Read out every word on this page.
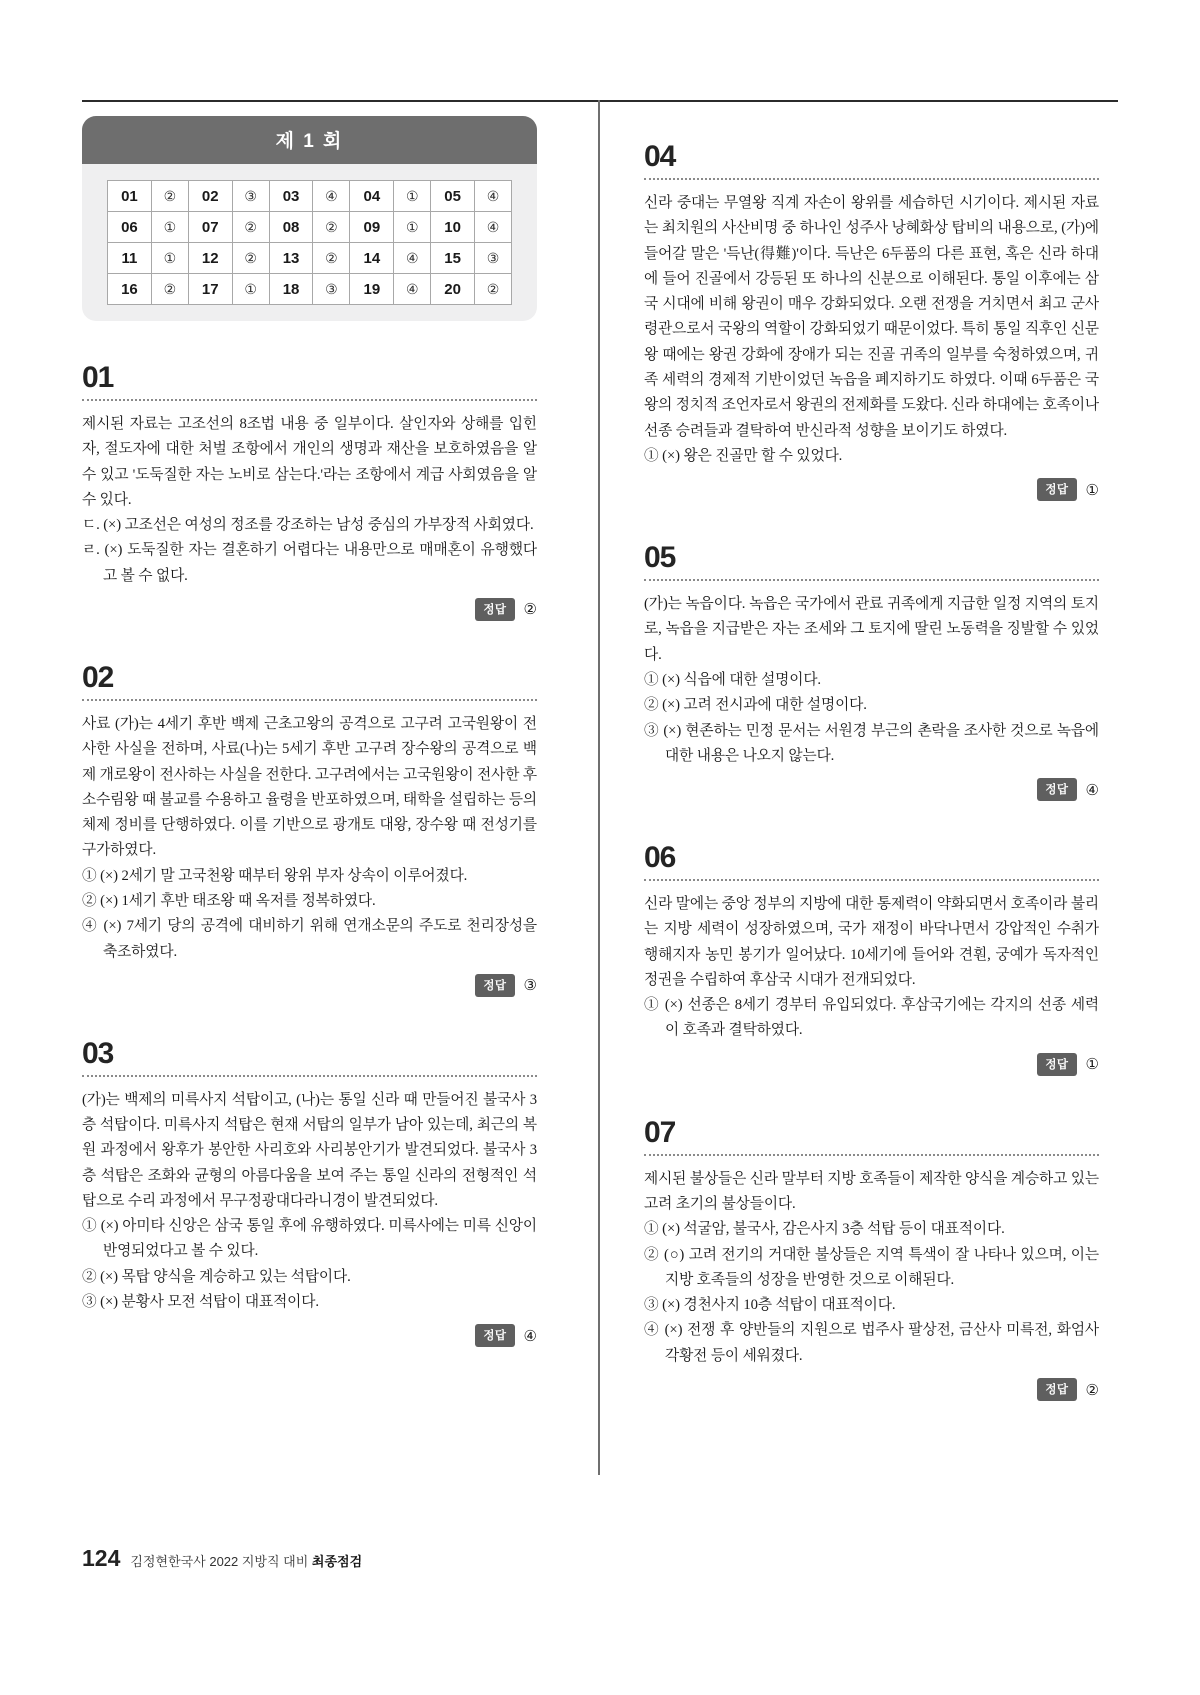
제 1 회
01	②	02	③	03	④	04	①	05	④
06	①	07	②	08	②	09	①	10	④
11	①	12	②	13	②	14	④	15	③
16	②	17	①	18	③	19	④	20	②
01
제시된 자료는 고조선의 8조법 내용 중 일부이다. 살인자와 상해를 입힌 자, 절도자에 대한 처벌 조항에서 개인의 생명과 재산을 보호하였음을 알 수 있고 '도둑질한 자는 노비로 삼는다.'라는 조항에서 계급 사회였음을 알 수 있다.
ㄷ. (×) 고조선은 여성의 정조를 강조하는 남성 중심의 가부장적 사회였다.
ㄹ. (×) 도둑질한 자는 결혼하기 어렵다는 내용만으로 매매혼이 유행했다고 볼 수 없다.
정답 ②
02
사료 (가)는 4세기 후반 백제 근초고왕의 공격으로 고구려 고국원왕이 전사한 사실을 전하며, 사료(나)는 5세기 후반 고구려 장수왕의 공격으로 백제 개로왕이 전사하는 사실을 전한다. 고구려에서는 고국원왕이 전사한 후 소수림왕 때 불교를 수용하고 율령을 반포하였으며, 태학을 설립하는 등의 체제 정비를 단행하였다. 이를 기반으로 광개토 대왕, 장수왕 때 전성기를 구가하였다.
① (×) 2세기 말 고국천왕 때부터 왕위 부자 상속이 이루어졌다.
② (×) 1세기 후반 태조왕 때 옥저를 정복하였다.
④ (×) 7세기 당의 공격에 대비하기 위해 연개소문의 주도로 천리장성을 축조하였다.
정답 ③
03
(가)는 백제의 미륵사지 석탑이고, (나)는 통일 신라 때 만들어진 불국사 3층 석탑이다. 미륵사지 석탑은 현재 서탑의 일부가 남아 있는데, 최근의 복원 과정에서 왕후가 봉안한 사리호와 사리봉안기가 발견되었다. 불국사 3층 석탑은 조화와 균형의 아름다움을 보여 주는 통일 신라의 전형적인 석탑으로 수리 과정에서 무구정광대다라니경이 발견되었다.
① (×) 아미타 신앙은 삼국 통일 후에 유행하였다. 미륵사에는 미륵 신앙이 반영되었다고 볼 수 있다.
② (×) 목탑 양식을 계승하고 있는 석탑이다.
③ (×) 분황사 모전 석탑이 대표적이다.
정답 ④
04
신라 중대는 무열왕 직계 자손이 왕위를 세습하던 시기이다. 제시된 자료는 최치원의 사산비명 중 하나인 성주사 낭혜화상 탑비의 내용으로, (가)에 들어갈 말은 '득난(得難)'이다. 득난은 6두품의 다른 표현, 혹은 신라 하대에 들어 진골에서 강등된 또 하나의 신분으로 이해된다. 통일 이후에는 삼국 시대에 비해 왕권이 매우 강화되었다. 오랜 전쟁을 거치면서 최고 군사령관으로서 국왕의 역할이 강화되었기 때문이었다. 특히 통일 직후인 신문왕 때에는 왕권 강화에 장애가 되는 진골 귀족의 일부를 숙청하였으며, 귀족 세력의 경제적 기반이었던 녹읍을 폐지하기도 하였다. 이때 6두품은 국왕의 정치적 조언자로서 왕권의 전제화를 도왔다. 신라 하대에는 호족이나 선종 승려들과 결탁하여 반신라적 성향을 보이기도 하였다.
① (×) 왕은 진골만 할 수 있었다.
정답 ①
05
(가)는 녹읍이다. 녹읍은 국가에서 관료 귀족에게 지급한 일정 지역의 토지로, 녹읍을 지급받은 자는 조세와 그 토지에 딸린 노동력을 징발할 수 있었다.
① (×) 식읍에 대한 설명이다.
② (×) 고려 전시과에 대한 설명이다.
③ (×) 현존하는 민정 문서는 서원경 부근의 촌락을 조사한 것으로 녹읍에 대한 내용은 나오지 않는다.
정답 ④
06
신라 말에는 중앙 정부의 지방에 대한 통제력이 약화되면서 호족이라 불리는 지방 세력이 성장하였으며, 국가 재정이 바닥나면서 강압적인 수취가 행해지자 농민 봉기가 일어났다. 10세기에 들어와 견훤, 궁예가 독자적인 정권을 수립하여 후삼국 시대가 전개되었다.
① (×) 선종은 8세기 경부터 유입되었다. 후삼국기에는 각지의 선종 세력이 호족과 결탁하였다.
정답 ①
07
제시된 불상들은 신라 말부터 지방 호족들이 제작한 양식을 계승하고 있는 고려 초기의 불상들이다.
① (×) 석굴암, 불국사, 감은사지 3층 석탑 등이 대표적이다.
② (○) 고려 전기의 거대한 불상들은 지역 특색이 잘 나타나 있으며, 이는 지방 호족들의 성장을 반영한 것으로 이해된다.
③ (×) 경천사지 10층 석탑이 대표적이다.
④ (×) 전쟁 후 양반들의 지원으로 법주사 팔상전, 금산사 미륵전, 화엄사 각황전 등이 세워졌다.
정답 ②
124 김정현한국사 2022 지방직 대비 최종점검
